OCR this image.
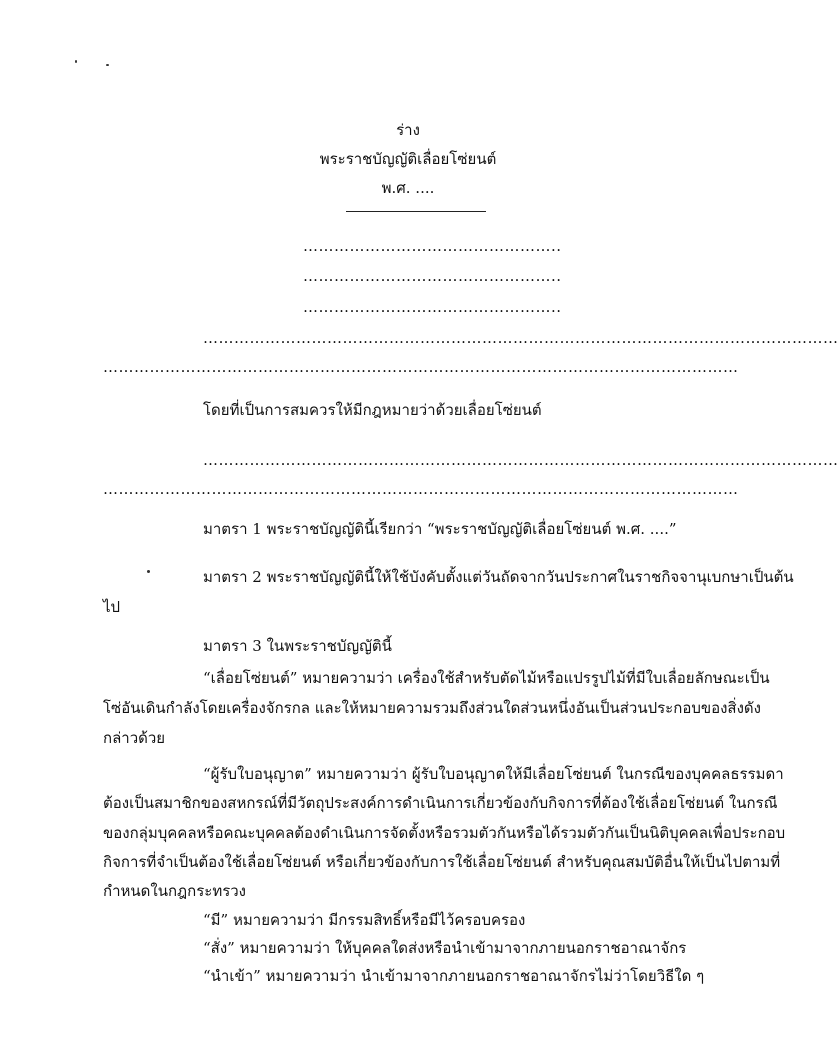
ร่าง
พระราชบัญญัติเลื่อยโซ่ยนต์
พ.ศ. ....
…………………………………………..
…………………………………………..
…………………………………………..
……………………………………………………………………………………………………………
……………………………………………………………………………………………………………
โดยที่เป็นการสมควรให้มีกฎหมายว่าด้วยเลื่อยโซ่ยนต์
……………………………………………………………………………………………………………
……………………………………………………………………………………………………………
มาตรา 1 พระราชบัญญัตินี้เรียกว่า “พระราชบัญญัติเลื่อยโซ่ยนต์ พ.ศ. ....”
มาตรา 2 พระราชบัญญัตินี้ให้ใช้บังคับตั้งแต่วันถัดจากวันประกาศในราชกิจจานุเบกษาเป็นต้น
ไป
มาตรา 3 ในพระราชบัญญัตินี้
“เลื่อยโซ่ยนต์” หมายความว่า เครื่องใช้สำหรับตัดไม้หรือแปรรูปไม้ที่มีใบเลื่อยลักษณะเป็น
โซ่อันเดินกำลังโดยเครื่องจักรกล และให้หมายความรวมถึงส่วนใดส่วนหนึ่งอันเป็นส่วนประกอบของสิ่งดัง
กล่าวด้วย
“ผู้รับใบอนุญาต” หมายความว่า ผู้รับใบอนุญาตให้มีเลื่อยโซ่ยนต์ ในกรณีของบุคคลธรรมดา
ต้องเป็นสมาชิกของสหกรณ์ที่มีวัตถุประสงค์การดำเนินการเกี่ยวข้องกับกิจการที่ต้องใช้เลื่อยโซ่ยนต์ ในกรณี
ของกลุ่มบุคคลหรือคณะบุคคลต้องดำเนินการจัดตั้งหรือรวมตัวกันหรือได้รวมตัวกันเป็นนิติบุคคลเพื่อประกอบ
กิจการที่จำเป็นต้องใช้เลื่อยโซ่ยนต์ หรือเกี่ยวข้องกับการใช้เลื่อยโซ่ยนต์ สำหรับคุณสมบัติอื่นให้เป็นไปตามที่
กำหนดในกฎกระทรวง
“มี” หมายความว่า มีกรรมสิทธิ์หรือมีไว้ครอบครอง
“สั่ง” หมายความว่า ให้บุคคลใดส่งหรือนำเข้ามาจากภายนอกราชอาณาจักร
“นำเข้า” หมายความว่า นำเข้ามาจากภายนอกราชอาณาจักรไม่ว่าโดยวิธีใด ๆ
